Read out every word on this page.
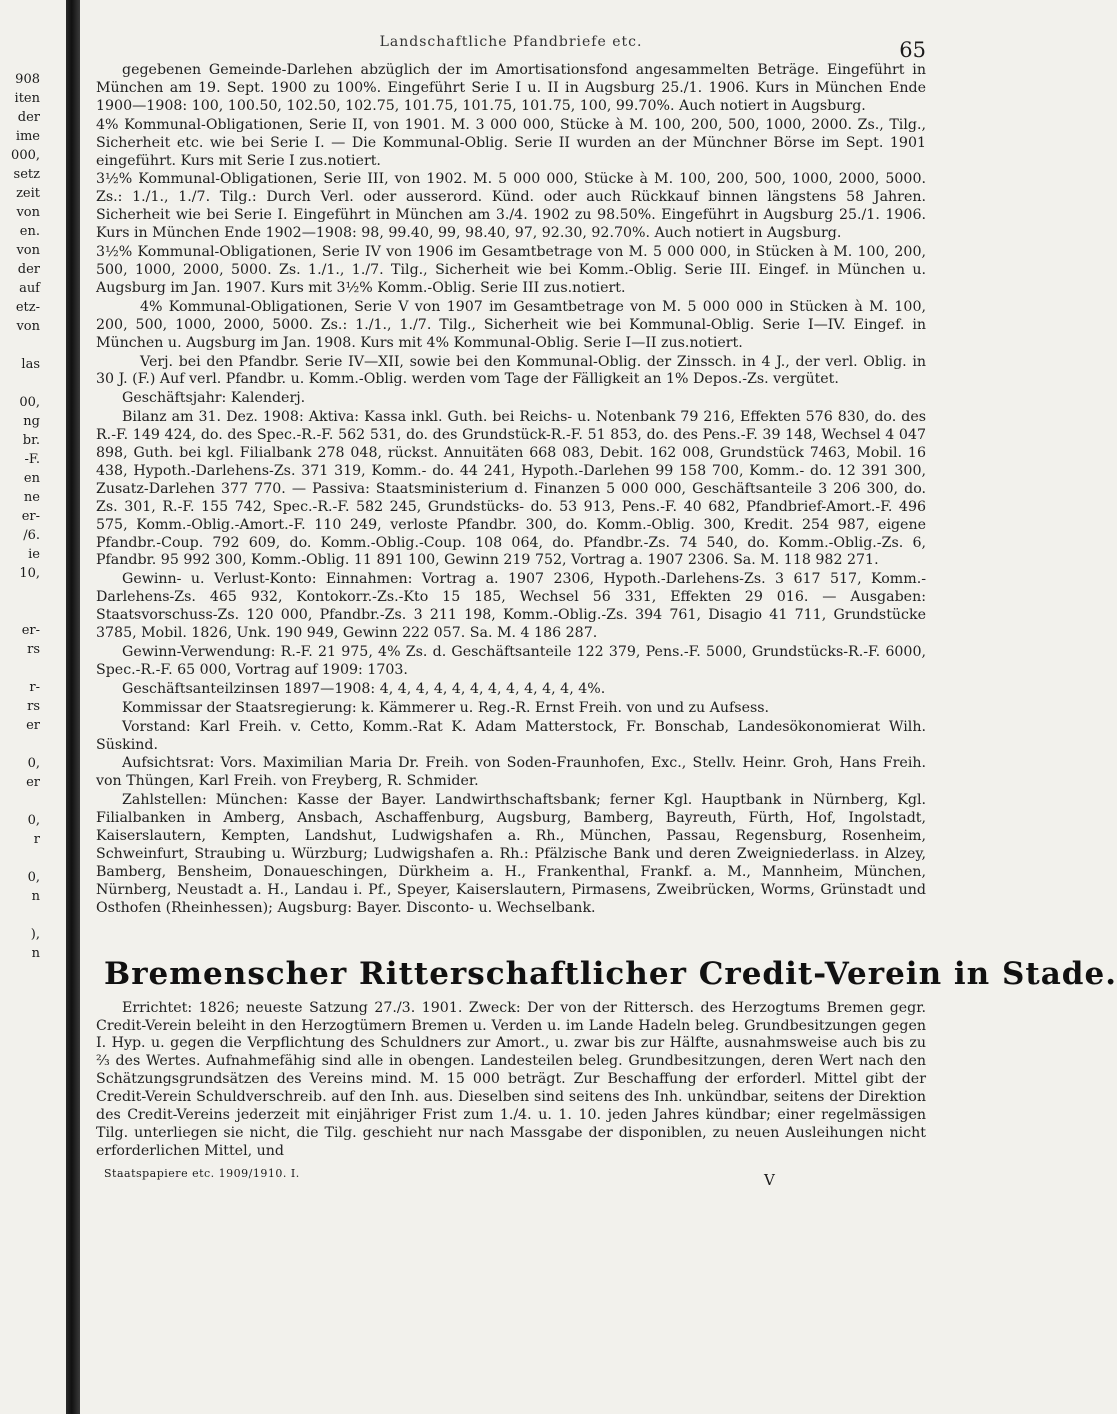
908
iten
der
ime
000,
setz
zeit
von
en.
von
der
auf
etz-
von

las

00,
ng
br.
-F.
en
ne
er-
/6.
ie
10,

er-
rs

r-
rs
er

0,
er

0,
r

0,
n

),
n
Landschaftliche Pfandbriefe etc.	65

gegebenen Gemeinde-Darlehen abzüglich der im Amortisationsfond angesammelten Beträge. Eingeführt in München am 19. Sept. 1900 zu 100%. Eingeführt Serie I u. II in Augsburg 25./1. 1906. Kurs in München Ende 1900—1908: 100, 100.50, 102.50, 102.75, 101.75, 101.75, 101.75, 100, 99.70%. Auch notiert in Augsburg.

4% Kommunal-Obligationen, Serie II, von 1901. M. 3 000 000, Stücke à M. 100, 200, 500, 1000, 2000. Zs., Tilg., Sicherheit etc. wie bei Serie I. — Die Kommunal-Oblig. Serie II wurden an der Münchner Börse im Sept. 1901 eingeführt. Kurs mit Serie I zus.notiert.

3½% Kommunal-Obligationen, Serie III, von 1902. M. 5 000 000, Stücke à M. 100, 200, 500, 1000, 2000, 5000. Zs.: 1./1., 1./7. Tilg.: Durch Verl. oder ausserord. Künd. oder auch Rückkauf binnen längstens 58 Jahren. Sicherheit wie bei Serie I. Eingeführt in München am 3./4. 1902 zu 98.50%. Eingeführt in Augsburg 25./1. 1906. Kurs in München Ende 1902—1908: 98, 99.40, 99, 98.40, 97, 92.30, 92.70%. Auch notiert in Augsburg.

3½% Kommunal-Obligationen, Serie IV von 1906 im Gesamtbetrage von M. 5 000 000, in Stücken à M. 100, 200, 500, 1000, 2000, 5000. Zs. 1./1., 1./7. Tilg., Sicherheit wie bei Komm.-Oblig. Serie III. Eingef. in München u. Augsburg im Jan. 1907. Kurs mit 3½% Komm.-Oblig. Serie III zus.notiert.

4% Kommunal-Obligationen, Serie V von 1907 im Gesamtbetrage von M. 5 000 000 in Stücken à M. 100, 200, 500, 1000, 2000, 5000. Zs.: 1./1., 1./7. Tilg., Sicherheit wie bei Kommunal-Oblig. Serie I—IV. Eingef. in München u. Augsburg im Jan. 1908. Kurs mit 4% Kommunal-Oblig. Serie I—II zus.notiert.

Verj. bei den Pfandbr. Serie IV—XII, sowie bei den Kommunal-Oblig. der Zinssch. in 4 J., der verl. Oblig. in 30 J. (F.) Auf verl. Pfandbr. u. Komm.-Oblig. werden vom Tage der Fälligkeit an 1% Depos.-Zs. vergütet.

Geschäftsjahr: Kalenderj.

Bilanz am 31. Dez. 1908: Aktiva: Kassa inkl. Guth. bei Reichs- u. Notenbank 79 216, Effekten 576 830, do. des R.-F. 149 424, do. des Spec.-R.-F. 562 531, do. des Grundstück-R.-F. 51 853, do. des Pens.-F. 39 148, Wechsel 4 047 898, Guth. bei kgl. Filialbank 278 048, rückst. Annuitäten 668 083, Debit. 162 008, Grundstück 7463, Mobil. 16 438, Hypoth.-Darlehens-Zs. 371 319, Komm.- do. 44 241, Hypoth.-Darlehen 99 158 700, Komm.- do. 12 391 300, Zusatz-Darlehen 377 770. — Passiva: Staatsministerium d. Finanzen 5 000 000, Geschäftsanteile 3 206 300, do. Zs. 301, R.-F. 155 742, Spec.-R.-F. 582 245, Grundstücks- do. 53 913, Pens.-F. 40 682, Pfandbrief-Amort.-F. 496 575, Komm.-Oblig.-Amort.-F. 110 249, verloste Pfandbr. 300, do. Komm.-Oblig. 300, Kredit. 254 987, eigene Pfandbr.-Coup. 792 609, do. Komm.-Oblig.-Coup. 108 064, do. Pfandbr.-Zs. 74 540, do. Komm.-Oblig.-Zs. 6, Pfandbr. 95 992 300, Komm.-Oblig. 11 891 100, Gewinn 219 752, Vortrag a. 1907 2306. Sa. M. 118 982 271.

Gewinn- u. Verlust-Konto: Einnahmen: Vortrag a. 1907 2306, Hypoth.-Darlehens-Zs. 3 617 517, Komm.-Darlehens-Zs. 465 932, Kontokorr.-Zs.-Kto 15 185, Wechsel 56 331, Effekten 29 016. — Ausgaben: Staatsvorschuss-Zs. 120 000, Pfandbr.-Zs. 3 211 198, Komm.-Oblig.-Zs. 394 761, Disagio 41 711, Grundstücke 3785, Mobil. 1826, Unk. 190 949, Gewinn 222 057. Sa. M. 4 186 287.

Gewinn-Verwendung: R.-F. 21 975, 4% Zs. d. Geschäftsanteile 122 379, Pens.-F. 5000, Grundstücks-R.-F. 6000, Spec.-R.-F. 65 000, Vortrag auf 1909: 1703.

Geschäftsanteilzinsen 1897—1908: 4, 4, 4, 4, 4, 4, 4, 4, 4, 4, 4, 4%.

Kommissar der Staatsregierung: k. Kämmerer u. Reg.-R. Ernst Freih. von und zu Aufsess.

Vorstand: Karl Freih. v. Cetto, Komm.-Rat K. Adam Matterstock, Fr. Bonschab, Landesökonomierat Wilh. Süskind.

Aufsichtsrat: Vors. Maximilian Maria Dr. Freih. von Soden-Fraunhofen, Exc., Stellv. Heinr. Groh, Hans Freih. von Thüngen, Karl Freih. von Freyberg, R. Schmider.

Zahlstellen: München: Kasse der Bayer. Landwirthschaftsbank; ferner Kgl. Hauptbank in Nürnberg, Kgl. Filialbanken in Amberg, Ansbach, Aschaffenburg, Augsburg, Bamberg, Bayreuth, Fürth, Hof, Ingolstadt, Kaiserslautern, Kempten, Landshut, Ludwigshafen a. Rh., München, Passau, Regensburg, Rosenheim, Schweinfurt, Straubing u. Würzburg; Ludwigshafen a. Rh.: Pfälzische Bank und deren Zweigniederlass. in Alzey, Bamberg, Bensheim, Donaueschingen, Dürkheim a. H., Frankenthal, Frankf. a. M., Mannheim, München, Nürnberg, Neustadt a. H., Landau i. Pf., Speyer, Kaiserslautern, Pirmasens, Zweibrücken, Worms, Grünstadt und Osthofen (Rheinhessen); Augsburg: Bayer. Disconto- u. Wechselbank.

Bremenscher Ritterschaftlicher Credit-Verein in Stade.

Errichtet: 1826; neueste Satzung 27./3. 1901. Zweck: Der von der Rittersch. des Herzogtums Bremen gegr. Credit-Verein beleiht in den Herzogtümern Bremen u. Verden u. im Lande Hadeln beleg. Grundbesitzungen gegen I. Hyp. u. gegen die Verpflichtung des Schuldners zur Amort., u. zwar bis zur Hälfte, ausnahmsweise auch bis zu ⅔ des Wertes. Aufnahmefähig sind alle in obengen. Landesteilen beleg. Grundbesitzungen, deren Wert nach den Schätzungsgrundsätzen des Vereins mind. M. 15 000 beträgt. Zur Beschaffung der erforderl. Mittel gibt der Credit-Verein Schuldverschreib. auf den Inh. aus. Dieselben sind seitens des Inh. unkündbar, seitens der Direktion des Credit-Vereins jederzeit mit einjähriger Frist zum 1./4. u. 1. 10. jeden Jahres kündbar; einer regelmässigen Tilg. unterliegen sie nicht, die Tilg. geschieht nur nach Massgabe der disponiblen, zu neuen Ausleihungen nicht erforderlichen Mittel, und

Staatspapiere etc. 1909/1910. I.	V
